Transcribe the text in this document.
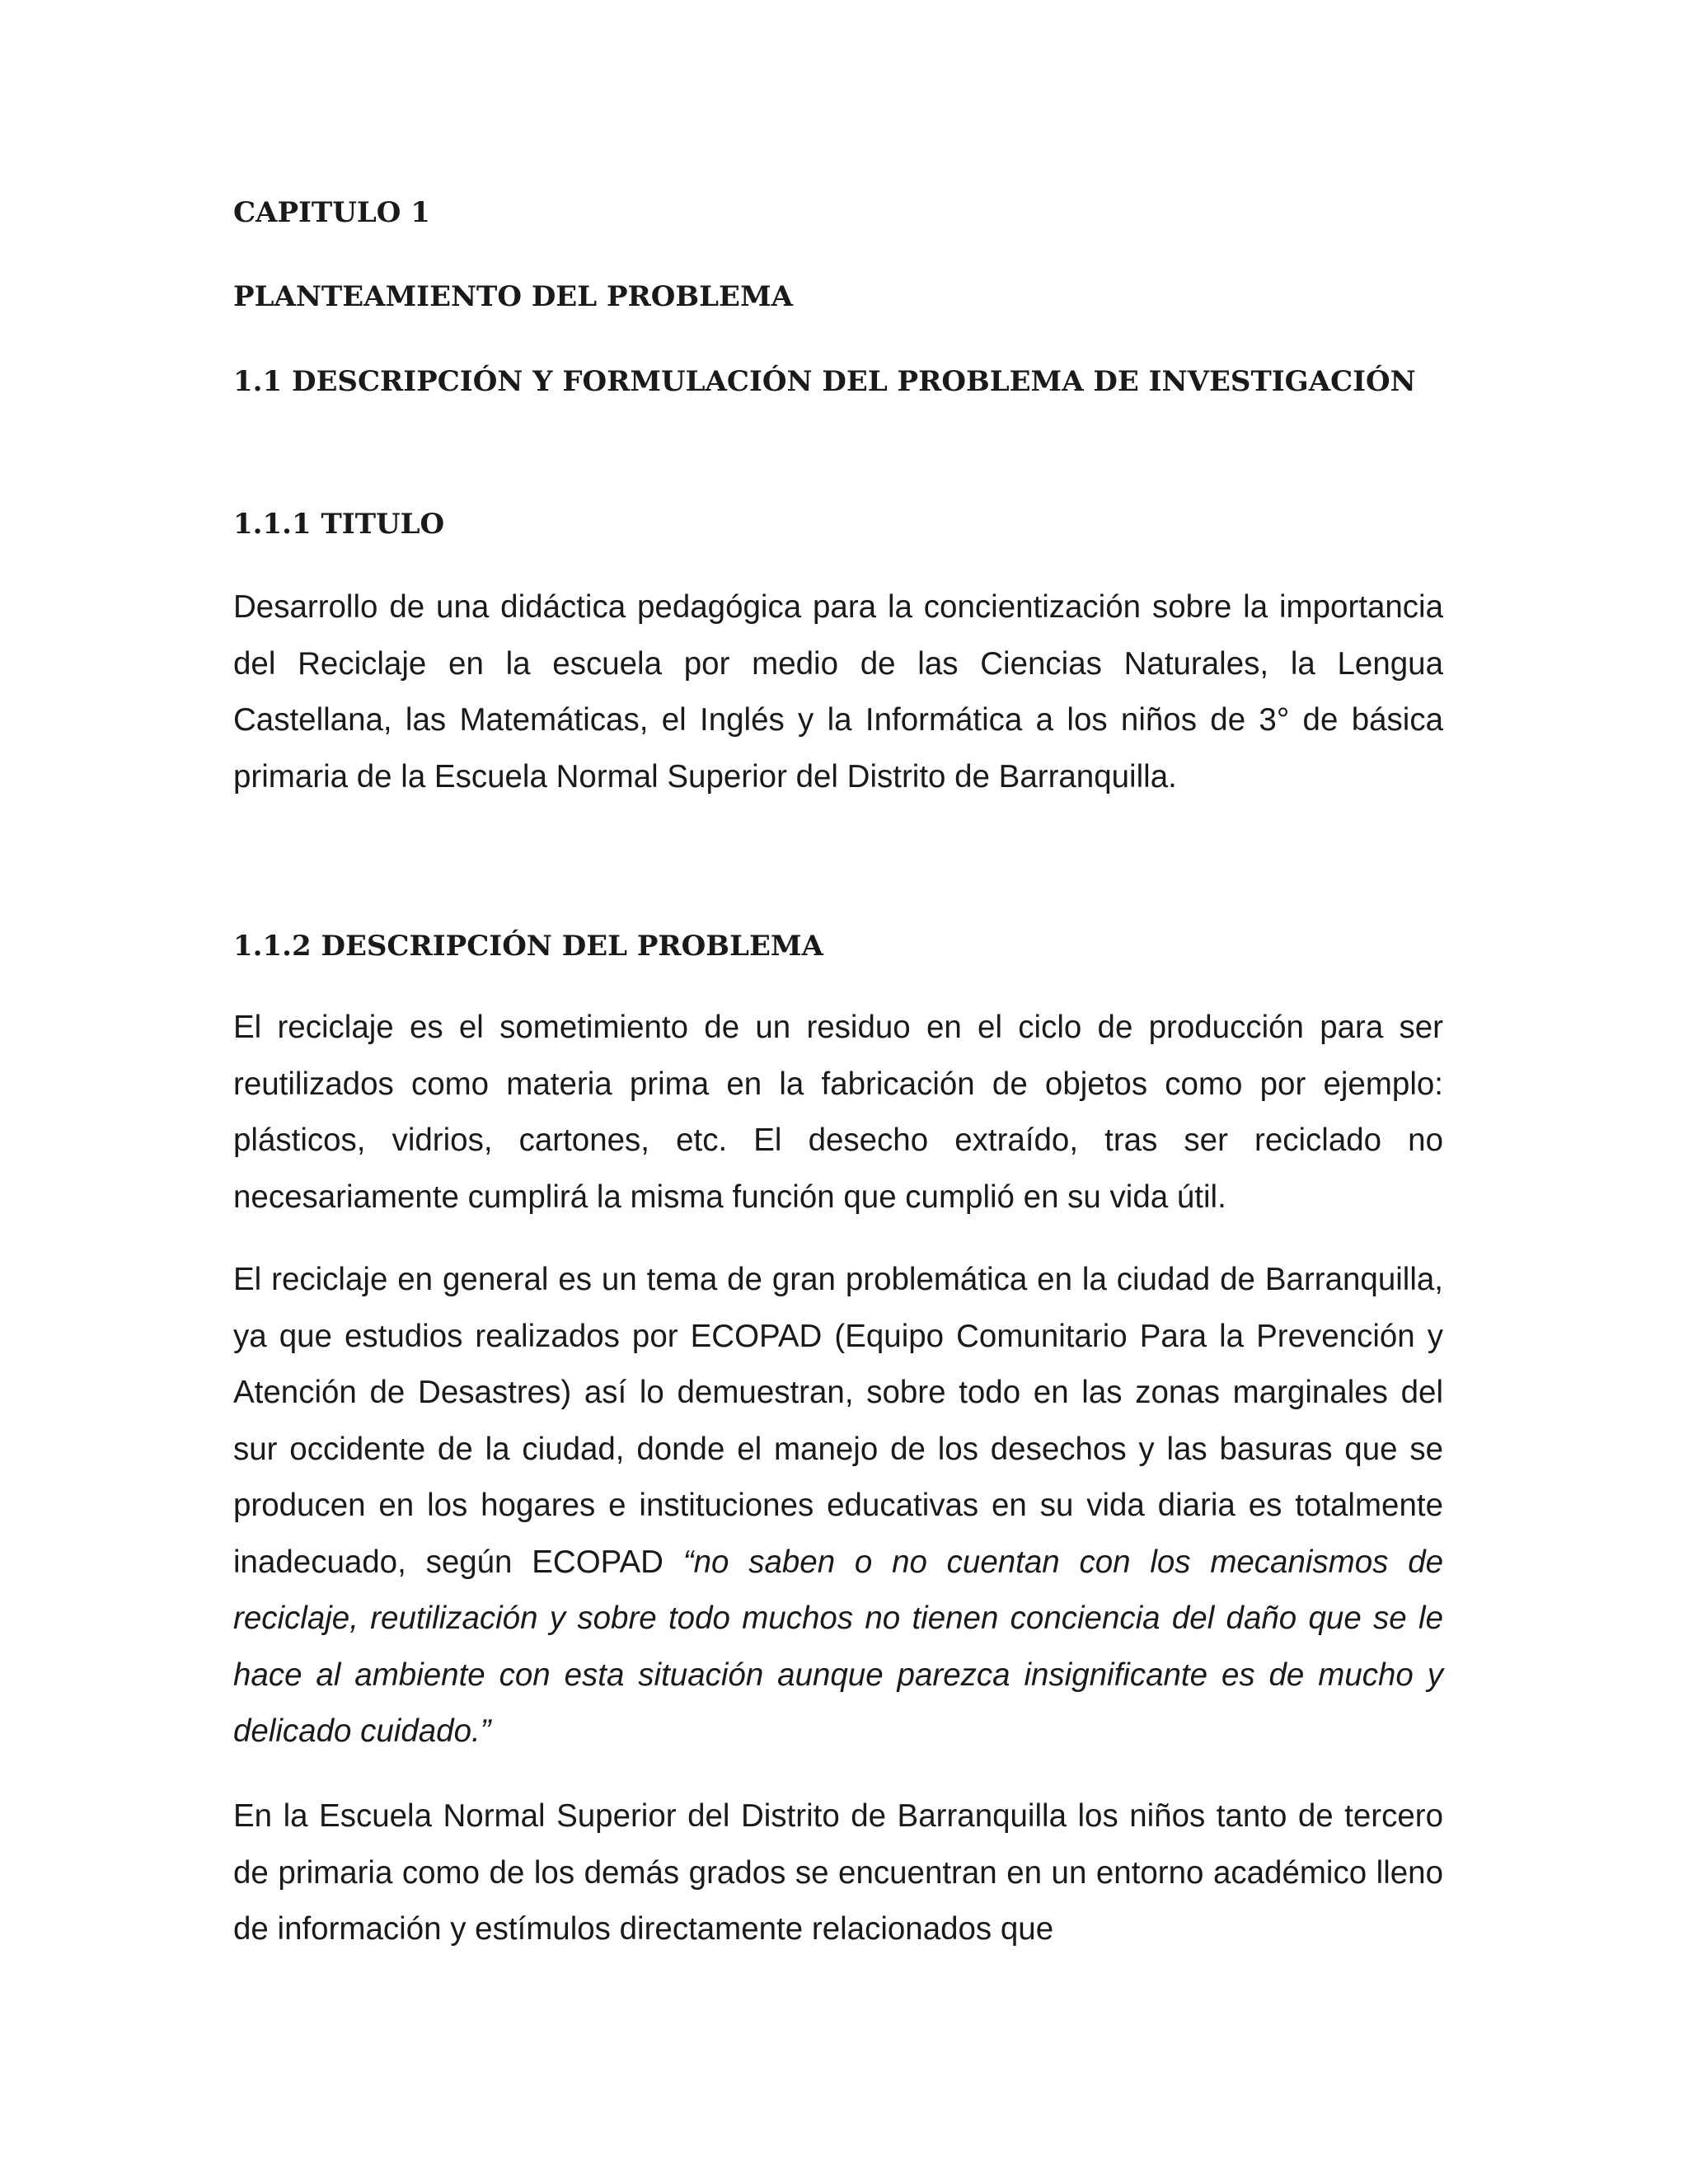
CAPITULO 1
PLANTEAMIENTO DEL PROBLEMA
1.1 DESCRIPCIÓN Y FORMULACIÓN DEL PROBLEMA DE INVESTIGACIÓN
1.1.1 TITULO

Desarrollo de una didáctica pedagógica para la concientización sobre la importancia del Reciclaje en la escuela por medio de las Ciencias Naturales, la Lengua Castellana, las Matemáticas, el Inglés y la Informática a los niños de 3° de básica primaria de la Escuela Normal Superior del Distrito de Barranquilla.

1.1.2 DESCRIPCIÓN DEL PROBLEMA

El reciclaje es el sometimiento de un residuo en el ciclo de producción para ser reutilizados como materia prima en la fabricación de objetos como por ejemplo: plásticos, vidrios, cartones, etc. El desecho extraído, tras ser reciclado no necesariamente cumplirá la misma función que cumplió en su vida útil.

El reciclaje en general es un tema de gran problemática en la ciudad de Barranquilla, ya que estudios realizados por ECOPAD (Equipo Comunitario Para la Prevención y Atención de Desastres) así lo demuestran, sobre todo en las zonas marginales del sur occidente de la ciudad, donde el manejo de los desechos y las basuras que se producen en los hogares e instituciones educativas en su vida diaria es totalmente inadecuado, según ECOPAD “no saben o no cuentan con los mecanismos de reciclaje, reutilización y sobre todo muchos no tienen conciencia del daño que se le hace al ambiente con esta situación aunque parezca insignificante es de mucho y delicado cuidado.”

En la Escuela Normal Superior del Distrito de Barranquilla los niños tanto de tercero de primaria como de los demás grados se encuentran en un entorno académico lleno de información y estímulos directamente relacionados que
